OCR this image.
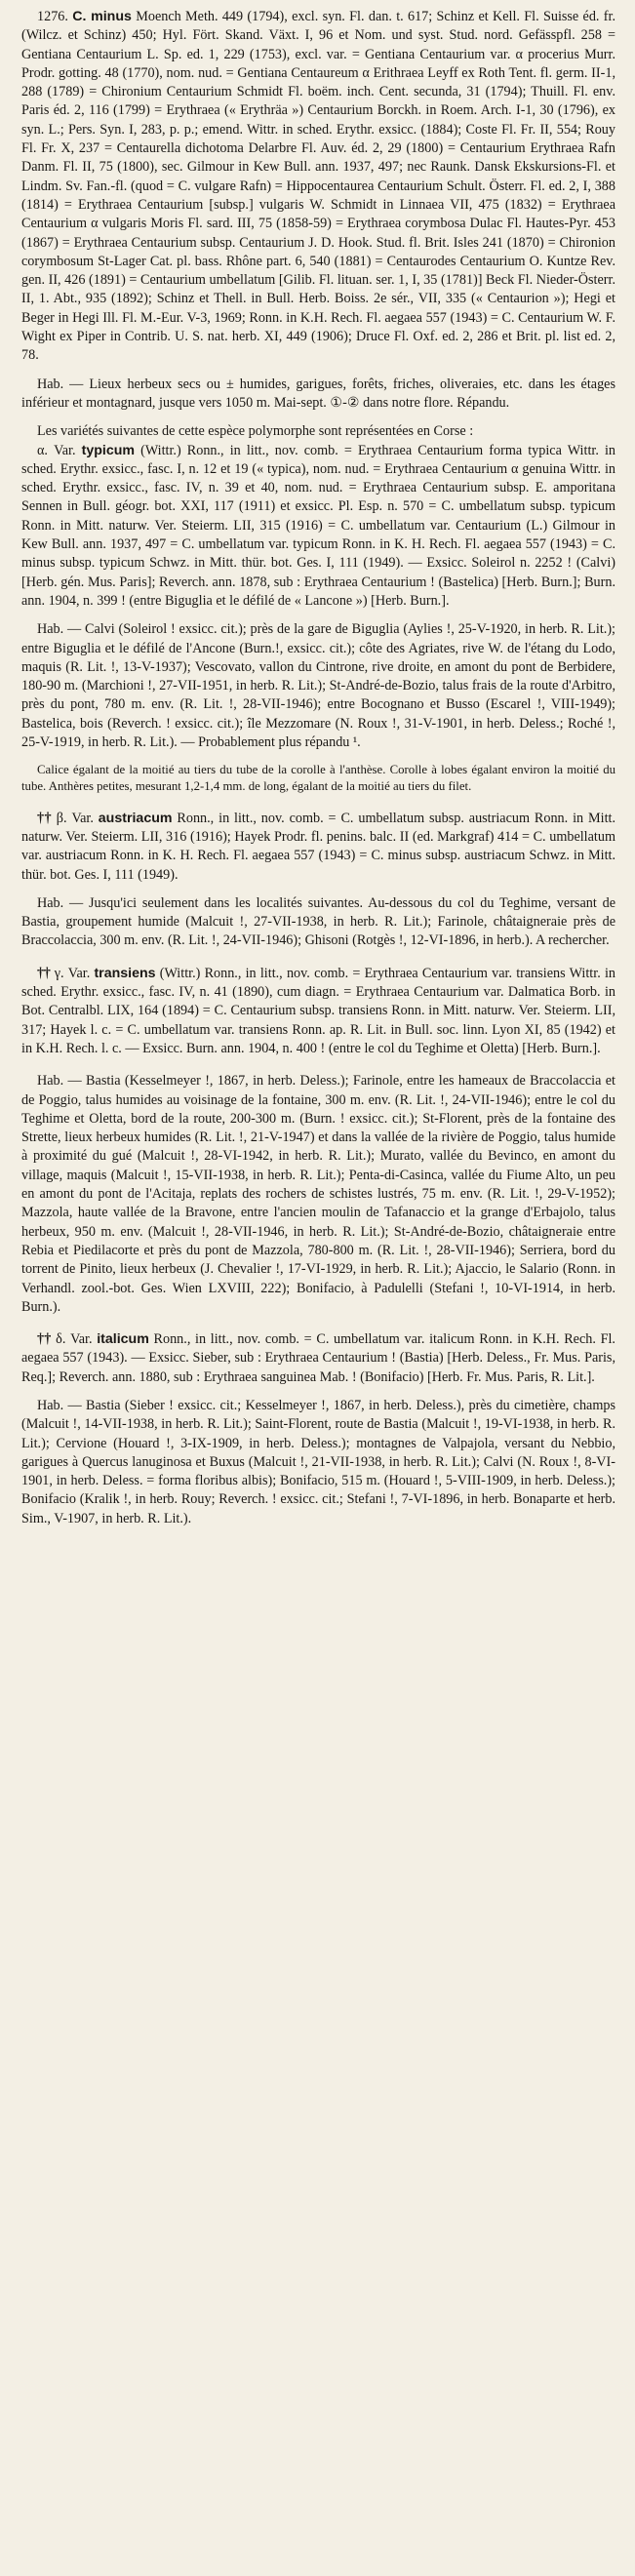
1276. C. minus Moench Meth. 449 (1794), excl. syn. Fl. dan. t. 617; Schinz et Kell. Fl. Suisse éd. fr. (Wilcz. et Schinz) 450; Hyl. Fört. Skand. Växt. I, 96 et Nom. und syst. Stud. nord. Gefässpfl. 258 = Gentiana Centaurium L. Sp. ed. 1, 229 (1753), excl. var. = Gentiana Centaurium var. α procerius Murr. Prodr. gotting. 48 (1770), nom. nud. = Gentiana Centaureum α Erithraea Leyff ex Roth Tent. fl. germ. II-1, 288 (1789) = Chironium Centaurium Schmidt Fl. boëm. inch. Cent. secunda, 31 (1794); Thuill. Fl. env. Paris éd. 2, 116 (1799) = Erythraea (« Erythräa ») Centaurium Borckh. in Roem. Arch. I-1, 30 (1796), ex syn. L.; Pers. Syn. I, 283, p. p.; emend. Wittr. in sched. Erythr. exsicc. (1884); Coste Fl. Fr. II, 554; Rouy Fl. Fr. X, 237 = Centaurella dichotoma Delarbre Fl. Auv. éd. 2, 29 (1800) = Centaurium Erythraea Rafn Danm. Fl. II, 75 (1800), sec. Gilmour in Kew Bull. ann. 1937, 497; nec Raunk. Dansk Ekskursions-Fl. et Lindm. Sv. Fan.-fl. (quod = C. vulgare Rafn) = Hippocentaurea Centaurium Schult. Österr. Fl. ed. 2, I, 388 (1814) = Erythraea Centaurium [subsp.] vulgaris W. Schmidt in Linnaea VII, 475 (1832) = Erythraea Centaurium α vulgaris Moris Fl. sard. III, 75 (1858-59) = Erythraea corymbosa Dulac Fl. Hautes-Pyr. 453 (1867) = Erythraea Centaurium subsp. Centaurium J. D. Hook. Stud. fl. Brit. Isles 241 (1870) = Chironion corymbosum St-Lager Cat. pl. bass. Rhône part. 6, 540 (1881) = Centaurodes Centaurium O. Kuntze Rev. gen. II, 426 (1891) = Centaurium umbellatum [Gilib. Fl. lituan. ser. 1, I, 35 (1781)] Beck Fl. Nieder-Österr. II, 1. Abt., 935 (1892); Schinz et Thell. in Bull. Herb. Boiss. 2e sér., VII, 335 (« Centaurion »); Hegi et Beger in Hegi Ill. Fl. M.-Eur. V-3, 1969; Ronn. in K.H. Rech. Fl. aegaea 557 (1943) = C. Centaurium W. F. Wight ex Piper in Contrib. U. S. nat. herb. XI, 449 (1906); Druce Fl. Oxf. ed. 2, 286 et Brit. pl. list ed. 2, 78.

Hab. — Lieux herbeux secs ou ± humides, garigues, forêts, friches, oliveraies, etc. dans les étages inférieur et montagnard, jusque vers 1050 m. Mai-sept. ①-② dans notre flore. Répandu.

Les variétés suivantes de cette espèce polymorphe sont représentées en Corse :

α. Var. typicum (Wittr.) Ronn., in litt., nov. comb. = Erythraea Centaurium forma typica Wittr. in sched. Erythr. exsicc., fasc. I, n. 12 et 19 (« typica), nom. nud. = Erythraea Centaurium α genuina Wittr. in sched. Erythr. exsicc., fasc. IV, n. 39 et 40, nom. nud. = Erythraea Centaurium subsp. E. amporitana Sennen in Bull. géogr. bot. XXI, 117 (1911) et exsicc. Pl. Esp. n. 570 = C. umbellatum subsp. typicum Ronn. in Mitt. naturw. Ver. Steierm. LII, 315 (1916) = C. umbellatum var. Centaurium (L.) Gilmour in Kew Bull. ann. 1937, 497 = C. umbellatum var. typicum Ronn. in K. H. Rech. Fl. aegaea 557 (1943) = C. minus subsp. typicum Schwz. in Mitt. thür. bot. Ges. I, 111 (1949). — Exsicc. Soleirol n. 2252 ! (Calvi) [Herb. gén. Mus. Paris]; Reverch. ann. 1878, sub : Erythraea Centaurium ! (Bastelica) [Herb. Burn.]; Burn. ann. 1904, n. 399 ! (entre Biguglia et le défilé de « Lancone ») [Herb. Burn.].

Hab. — Calvi (Soleirol ! exsicc. cit.); près de la gare de Biguglia (Aylies !, 25-V-1920, in herb. R. Lit.); entre Biguglia et le défilé de l'Ancone (Burn.!, exsicc. cit.); côte des Agriates, rive W. de l'étang du Lodo, maquis (R. Lit. !, 13-V-1937); Vescovato, vallon du Cintrone, rive droite, en amont du pont de Berbidere, 180-90 m. (Marchioni !, 27-VII-1951, in herb. R. Lit.); St-André-de-Bozio, talus frais de la route d'Arbitro, près du pont, 780 m. env. (R. Lit. !, 28-VII-1946); entre Bocognano et Busso (Escarel !, VIII-1949); Bastelica, bois (Reverch. ! exsicc. cit.); île Mezzomare (N. Roux !, 31-V-1901, in herb. Deless.; Roché !, 25-V-1919, in herb. R. Lit.). — Probablement plus répandu ¹.

Calice égalant de la moitié au tiers du tube de la corolle à l'anthèse. Corolle à lobes égalant environ la moitié du tube. Anthères petites, mesurant 1,2-1,4 mm. de long, égalant de la moitié au tiers du filet.

†† β. Var. austriacum Ronn., in litt., nov. comb. = C. umbellatum subsp. austriacum Ronn. in Mitt. naturw. Ver. Steierm. LII, 316 (1916); Hayek Prodr. fl. penins. balc. II (ed. Markgraf) 414 = C. umbellatum var. austriacum Ronn. in K. H. Rech. Fl. aegaea 557 (1943) = C. minus subsp. austriacum Schwz. in Mitt. thür. bot. Ges. I, 111 (1949).

Hab. — Jusqu'ici seulement dans les localités suivantes. Au-dessous du col du Teghime, versant de Bastia, groupement humide (Malcuit !, 27-VII-1938, in herb. R. Lit.); Farinole, châtaigneraie près de Braccolaccia, 300 m. env. (R. Lit. !, 24-VII-1946); Ghisoni (Rotgès !, 12-VI-1896, in herb.). A rechercher.

†† γ. Var. transiens (Wittr.) Ronn., in litt., nov. comb. = Erythraea Centaurium var. transiens Wittr. in sched. Erythr. exsicc., fasc. IV, n. 41 (1890), cum diagn. = Erythraea Centaurium var. Dalmatica Borb. in Bot. Centralbl. LIX, 164 (1894) = C. Centaurium subsp. transiens Ronn. in Mitt. naturw. Ver. Steierm. LII, 317; Hayek l. c. = C. umbellatum var. transiens Ronn. ap. R. Lit. in Bull. soc. linn. Lyon XI, 85 (1942) et in K.H. Rech. l. c. — Exsicc. Burn. ann. 1904, n. 400 ! (entre le col du Teghime et Oletta) [Herb. Burn.].

Hab. — Bastia (Kesselmeyer !, 1867, in herb. Deless.); Farinole, entre les hameaux de Braccolaccia et de Poggio, talus humides au voisinage de la fontaine, 300 m. env. (R. Lit. !, 24-VII-1946); entre le col du Teghime et Oletta, bord de la route, 200-300 m. (Burn. ! exsicc. cit.); St-Florent, près de la fontaine des Strette, lieux herbeux humides (R. Lit. !, 21-V-1947) et dans la vallée de la rivière de Poggio, talus humide à proximité du gué (Malcuit !, 28-VI-1942, in herb. R. Lit.); Murato, vallée du Bevinco, en amont du village, maquis (Malcuit !, 15-VII-1938, in herb. R. Lit.); Penta-di-Casinca, vallée du Fiume Alto, un peu en amont du pont de l'Acitaja, replats des rochers de schistes lustrés, 75 m. env. (R. Lit. !, 29-V-1952); Mazzola, haute vallée de la Bravone, entre l'ancien moulin de Tafanaccio et la grange d'Erbajolo, talus herbeux, 950 m. env. (Malcuit !, 28-VII-1946, in herb. R. Lit.); St-André-de-Bozio, châtaigneraie entre Rebia et Piedilacorte et près du pont de Mazzola, 780-800 m. (R. Lit. !, 28-VII-1946); Serriera, bord du torrent de Pinito, lieux herbeux (J. Chevalier !, 17-VI-1929, in herb. R. Lit.); Ajaccio, le Salario (Ronn. in Verhandl. zool.-bot. Ges. Wien LXVIII, 222); Bonifacio, à Padulelli (Stefani !, 10-VI-1914, in herb. Burn.).

†† δ. Var. italicum Ronn., in litt., nov. comb. = C. umbellatum var. italicum Ronn. in K.H. Rech. Fl. aegaea 557 (1943). — Exsicc. Sieber, sub : Erythraea Centaurium ! (Bastia) [Herb. Deless., Fr. Mus. Paris, Req.]; Reverch. ann. 1880, sub : Erythraea sanguinea Mab. ! (Bonifacio) [Herb. Fr. Mus. Paris, R. Lit.].

Hab. — Bastia (Sieber ! exsicc. cit.; Kesselmeyer !, 1867, in herb. Deless.), près du cimetière, champs (Malcuit !, 14-VII-1938, in herb. R. Lit.); Saint-Florent, route de Bastia (Malcuit !, 19-VI-1938, in herb. R. Lit.); Cervione (Houard !, 3-IX-1909, in herb. Deless.); montagnes de Valpajola, versant du Nebbio, garigues à Quercus lanuginosa et Buxus (Malcuit !, 21-VII-1938, in herb. R. Lit.); Calvi (N. Roux !, 8-VI-1901, in herb. Deless. = forma floribus albis); Bonifacio, 515 m. (Houard !, 5-VIII-1909, in herb. Deless.); Bonifacio (Kralik !, in herb. Rouy; Reverch. ! exsicc. cit.; Stefani !, 7-VI-1896, in herb. Bonaparte et herb. Sim., V-1907, in herb. R. Lit.).
